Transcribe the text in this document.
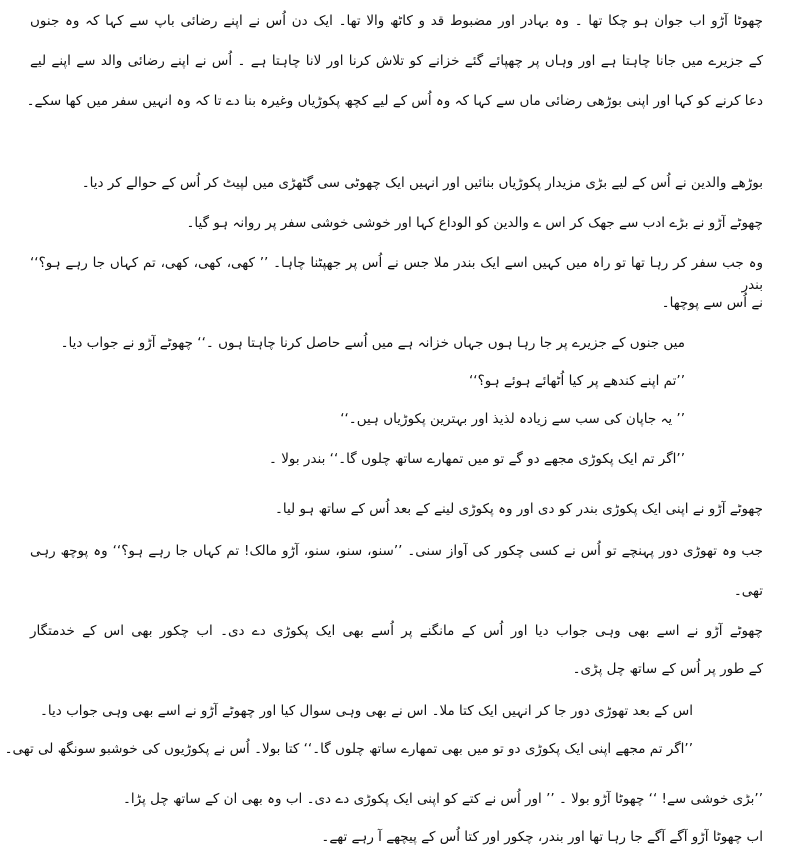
چھوٹا آڑو اب جوان ہو چکا تھا ۔ وہ بہادر اور مضبوط قد و کاٹھ والا تھا۔ ایک دن اُس نے اپنے رضائی باپ سے کہا کہ وہ جنوں

کے جزیرے میں جانا چاہتا ہے اور وہاں پر چھپائے گئے خزانے کو تلاش کرنا اور لانا چاہتا ہے ۔ اُس نے اپنے رضائی والد سے اپنے لیے

دعا کرنے کو کہا اور اپنی بوڑھی رضائی ماں سے کہا کہ وہ اُس کے لیے کچھ پکوڑیاں وغیرہ بنا دے تا کہ وہ انہیں سفر میں کھا سکے۔

بوڑھے والدین نے اُس کے لیے بڑی مزیدار پکوڑیاں بنائیں اور انہیں ایک چھوٹی سی گٹھڑی میں لپیٹ کر اُس کے حوالے کر دیا۔

چھوٹے آڑو نے بڑے ادب سے جھک کر اس ے والدین کو الوداع کہا اور خوشی خوشی سفر پر روانہ ہو گیا۔

وہ جب سفر کر رہا تھا تو راہ میں کہیں اسے ایک بندر ملا جس نے اُس پر جھپٹنا چاہا۔ ’’ کھی، کھی، کھی، تم کہاں جا رہے ہو؟‘‘ بندر

نے اُس سے پوچھا۔

میں جنوں کے جزیرے پر جا رہا ہوں جہاں خزانہ ہے میں اُسے حاصل کرنا چاہتا ہوں ۔‘‘ چھوٹے آڑو نے جواب دیا۔

’’تم اپنے کندھے پر کیا اُٹھائے ہوئے ہو؟‘‘

’’ یہ جاپان کی سب سے زیادہ لذیذ اور بہترین پکوڑیاں ہیں۔‘‘

’’اگر تم ایک پکوڑی مجھے دو گے تو میں تمھارے ساتھ چلوں گا۔‘‘ بندر بولا ۔

چھوٹے آڑو نے اپنی ایک پکوڑی بندر کو دی اور وہ پکوڑی لینے کے بعد اُس کے ساتھ ہو لیا۔

جب وہ تھوڑی دور پہنچے تو اُس نے کسی چکور کی آواز سنی۔ ’’سنو، سنو، سنو، آڑو مالک! تم کہاں جا رہے ہو؟‘‘ وہ پوچھ رہی

تھی۔

چھوٹے آڑو نے اسے بھی وہی جواب دیا اور اُس کے مانگنے پر اُسے بھی ایک پکوڑی دے دی۔ اب چکور بھی اس کے خدمتگار

کے طور پر اُس کے ساتھ چل پڑی۔

اس کے بعد تھوڑی دور جا کر انہیں ایک کتا ملا۔ اس نے بھی وہی سوال کیا اور چھوٹے آڑو نے اسے بھی وہی جواب دیا۔

’’اگر تم مجھے اپنی ایک پکوڑی دو تو میں بھی تمھارے ساتھ چلوں گا۔‘‘ کتا بولا۔ اُس نے پکوڑیوں کی خوشبو سونگھ لی تھی۔

’’بڑی خوشی سے! ‘‘ چھوٹا آڑو بولا ۔ ’’ اور اُس نے کتے کو اپنی ایک پکوڑی دے دی۔ اب وہ بھی ان کے ساتھ چل پڑا۔

اب چھوٹا آڑو آگے آگے جا رہا تھا اور بندر، چکور اور کتا اُس کے پیچھے آ رہے تھے۔
